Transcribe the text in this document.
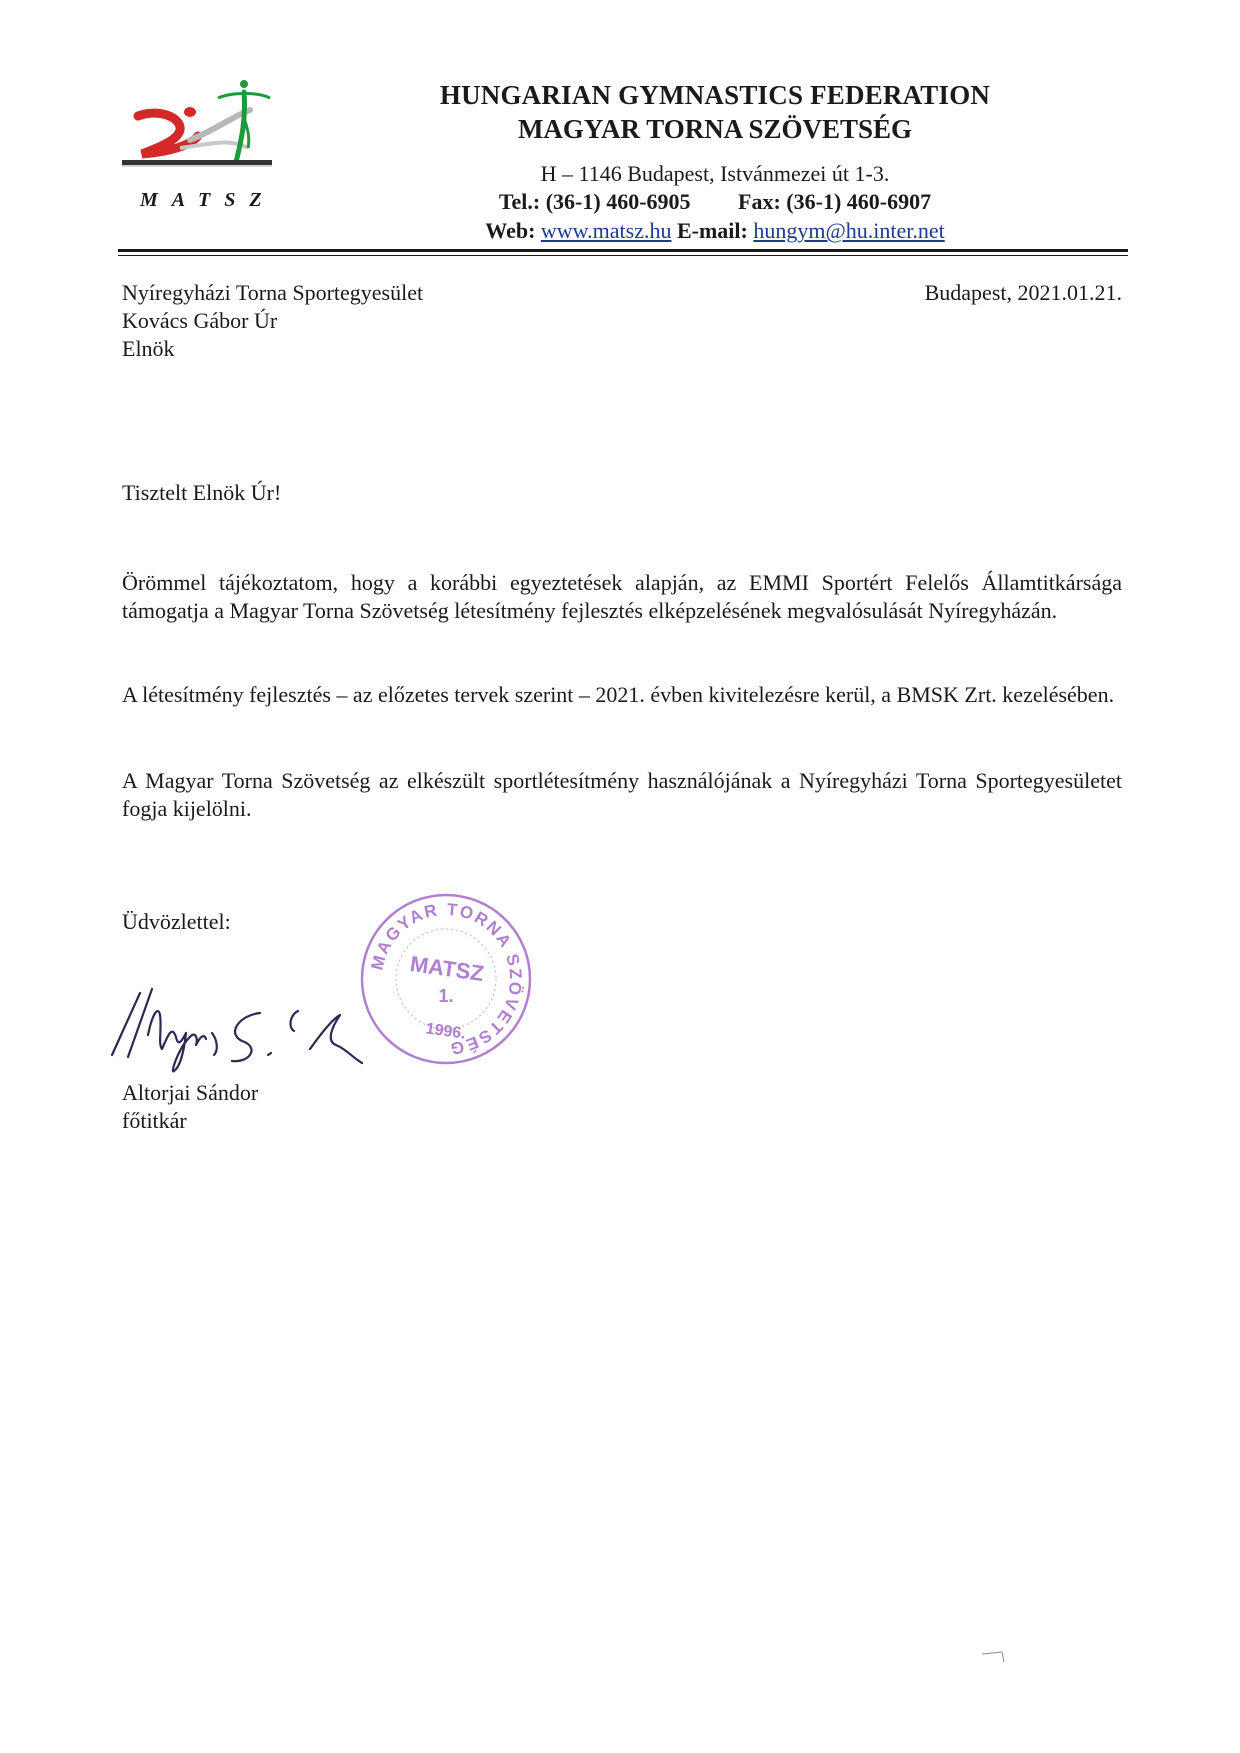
MATSZ
HUNGARIAN GYMNASTICS FEDERATION
MAGYAR TORNA SZÖVETSÉG
H – 1146 Budapest, Istvánmezei út 1-3.
Tel.: (36-1) 460-6905 Fax: (36-1) 460-6907
Web: www.matsz.hu E-mail: hungym@hu.inter.net
Nyíregyházi Torna Sportegyesület
Kovács Gábor Úr
Elnök
Budapest, 2021.01.21.
Tisztelt Elnök Úr!
Örömmel tájékoztatom, hogy a korábbi egyeztetések alapján, az EMMI Sportért Felelős Államtitkársága támogatja a Magyar Torna Szövetség létesítmény fejlesztés elképzelésének megvalósulását Nyíregyházán.
A létesítmény fejlesztés – az előzetes tervek szerint – 2021. évben kivitelezésre kerül, a BMSK Zrt. kezelésében.
A Magyar Torna Szövetség az elkészült sportlétesítmény használójának a Nyíregyházi Torna Sportegyesületet fogja kijelölni.
Üdvözlettel:
MAGYAR TORNA SZÖVETSÉG
MATSZ
1.
1996.
Altorjai Sándor
főtitkár
